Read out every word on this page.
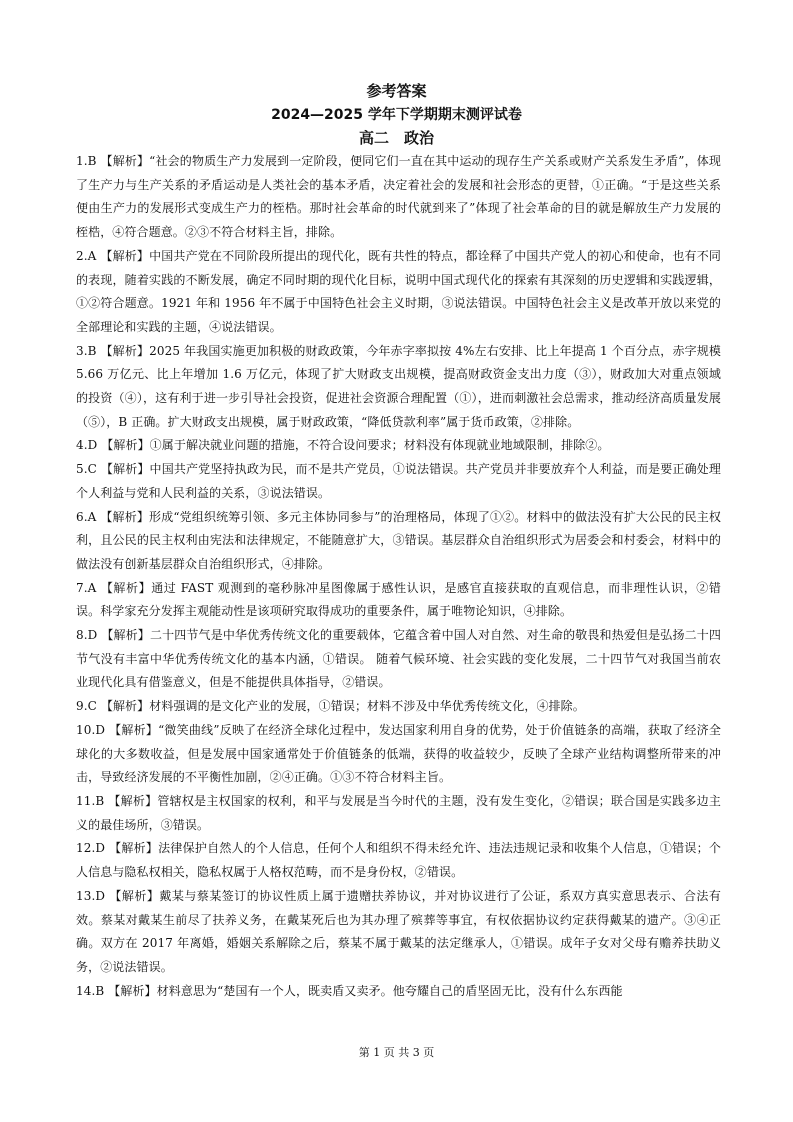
参考答案
2024—2025 学年下学期期末测评试卷
高二　政治
1.B 【解析】“社会的物质生产力发展到一定阶段，便同它们一直在其中运动的现存生产关系或财产关系发生矛盾”，体现了生产力与生产关系的矛盾运动是人类社会的基本矛盾，决定着社会的发展和社会形态的更替，①正确。“于是这些关系便由生产力的发展形式变成生产力的桎梏。那时社会革命的时代就到来了”体现了社会革命的目的就是解放生产力发展的桎梏，④符合题意。②③不符合材料主旨，排除。
2.A 【解析】中国共产党在不同阶段所提出的现代化，既有共性的特点，都诠释了中国共产党人的初心和使命，也有不同的表现，随着实践的不断发展，确定不同时期的现代化目标，说明中国式现代化的探索有其深刻的历史逻辑和实践逻辑，①②符合题意。1921 年和 1956 年不属于中国特色社会主义时期，③说法错误。中国特色社会主义是改革开放以来党的全部理论和实践的主题，④说法错误。
3.B 【解析】2025 年我国实施更加积极的财政政策，今年赤字率拟按 4%左右安排、比上年提高 1 个百分点，赤字规模 5.66 万亿元、比上年增加 1.6 万亿元，体现了扩大财政支出规模，提高财政资金支出力度（③），财政加大对重点领域的投资（④），这有利于进一步引导社会投资，促进社会资源合理配置（①），进而刺激社会总需求，推动经济高质量发展（⑤），B 正确。扩大财政支出规模，属于财政政策，“降低贷款利率”属于货币政策，②排除。
4.D 【解析】①属于解决就业问题的措施，不符合设问要求；材料没有体现就业地域限制，排除②。
5.C 【解析】中国共产党坚持执政为民，而不是共产党员，①说法错误。共产党员并非要放弃个人利益，而是要正确处理个人利益与党和人民利益的关系，③说法错误。
6.A 【解析】形成“党组织统筹引领、多元主体协同参与”的治理格局，体现了①②。材料中的做法没有扩大公民的民主权利，且公民的民主权利由宪法和法律规定，不能随意扩大，③错误。基层群众自治组织形式为居委会和村委会，材料中的做法没有创新基层群众自治组织形式，④排除。
7.A 【解析】通过 FAST 观测到的毫秒脉冲星图像属于感性认识，是感官直接获取的直观信息，而非理性认识，②错误。科学家充分发挥主观能动性是该项研究取得成功的重要条件，属于唯物论知识，④排除。
8.D 【解析】二十四节气是中华优秀传统文化的重要载体，它蕴含着中国人对自然、对生命的敬畏和热爱但是弘扬二十四节气没有丰富中华优秀传统文化的基本内涵，①错误。 随着气候环境、社会实践的变化发展，二十四节气对我国当前农业现代化具有借鉴意义，但是不能提供具体指导，②错误。
9.C 【解析】材料强调的是文化产业的发展，①错误；材料不涉及中华优秀传统文化，④排除。
10.D 【解析】“微笑曲线”反映了在经济全球化过程中，发达国家利用自身的优势，处于价值链条的高端，获取了经济全球化的大多数收益，但是发展中国家通常处于价值链条的低端，获得的收益较少，反映了全球产业结构调整所带来的冲击，导致经济发展的不平衡性加剧，②④正确。①③不符合材料主旨。
11.B 【解析】管辖权是主权国家的权利，和平与发展是当今时代的主题，没有发生变化，②错误；联合国是实践多边主义的最佳场所，③错误。
12.D 【解析】法律保护自然人的个人信息，任何个人和组织不得未经允许、违法违规记录和收集个人信息，①错误；个人信息与隐私权相关，隐私权属于人格权范畴，而不是身份权，②错误。
13.D 【解析】戴某与蔡某签订的协议性质上属于遗赠扶养协议，并对协议进行了公证，系双方真实意思表示、合法有效。蔡某对戴某生前尽了扶养义务，在戴某死后也为其办理了殡葬等事宜，有权依据协议约定获得戴某的遗产。③④正确。双方在 2017 年离婚，婚姻关系解除之后，蔡某不属于戴某的法定继承人，①错误。成年子女对父母有赡养扶助义务，②说法错误。
14.B 【解析】材料意思为“楚国有一个人，既卖盾又卖矛。他夸耀自己的盾坚固无比，没有什么东西能
第 1 页 共 3 页
